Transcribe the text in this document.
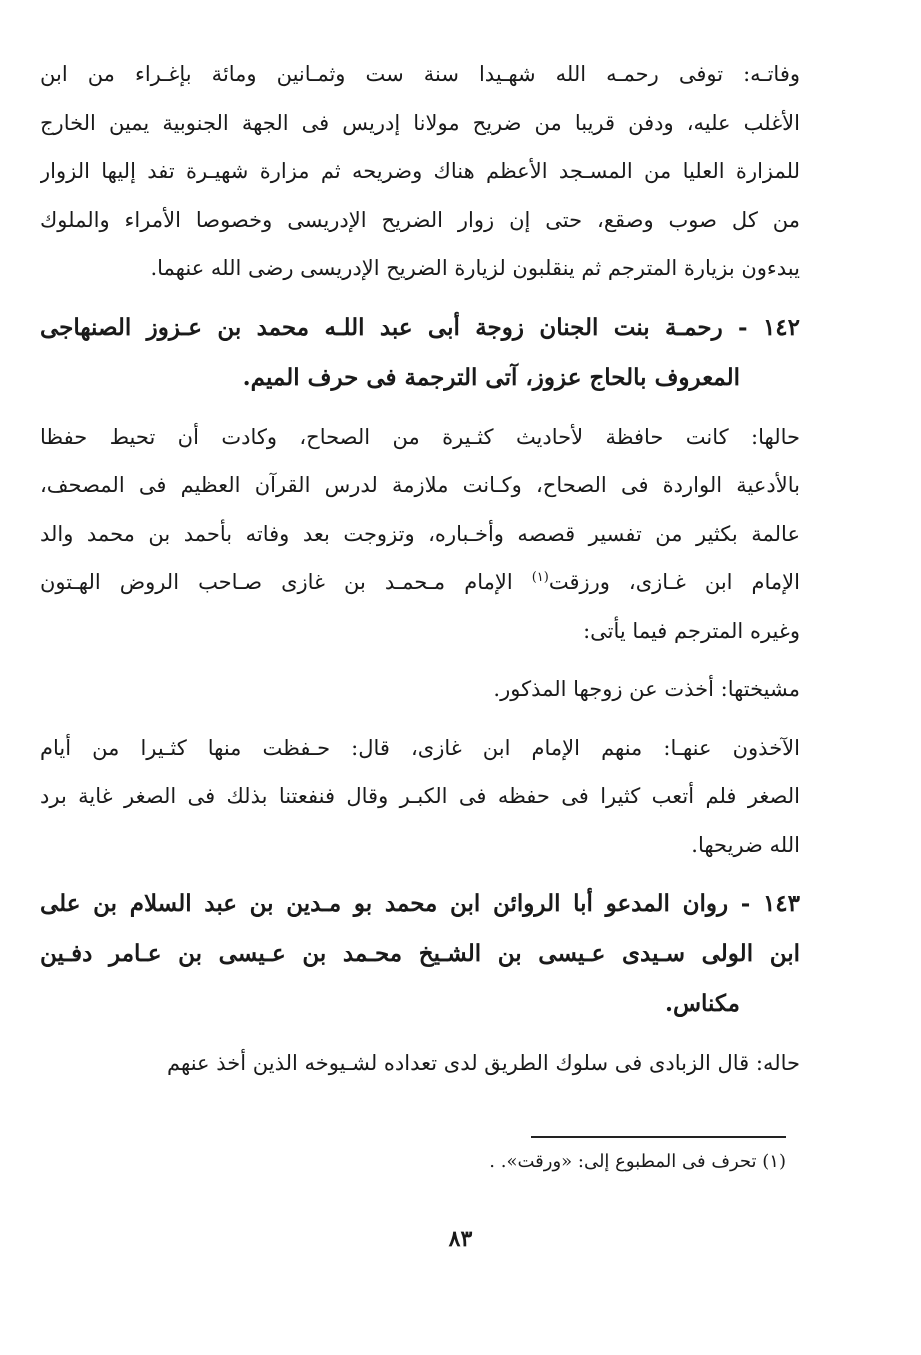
وفاتـه: توفى رحمـه الله شهـيدا سنة ست وثمـانين ومائة بإغـراء من ابن
الأغلب عليه، ودفن قريبا من ضريح مولانا إدريس فى الجهة الجنوبية يمين الخارج
للمزارة العليا من المسـجد الأعظم هناك وضريحه ثم مزارة شهيـرة تفد إليها الزوار
من كل صوب وصقع، حتى إن زوار الضريح الإدريسى وخصوصا الأمراء والملوك
يبدءون بزيارة المترجم ثم ينقلبون لزيارة الضريح الإدريسى رضى الله عنهما.
١٤٢ - رحمـة بنت الجنان زوجة أبى عبد اللـه محمد بن عـزوز الصنهاجى
المعروف بالحاج عزوز، آتى الترجمة فى حرف الميم.
حالها: كانت حافظة لأحاديث كثـيرة من الصحاح، وكادت أن تحيط حفظا
بالأدعية الواردة فى الصحاح، وكـانت ملازمة لدرس القرآن العظيم فى المصحف،
عالمة بكثير من تفسير قصصه وأخـباره، وتزوجت بعد وفاته بأحمد بن محمد والد
الإمام ابن غـازى، ورزقت$^{(١)}$ الإمام مـحمـد بن غازى صـاحب الروض الهـتون
وغيره المترجم فيما يأتى:
مشيختها: أخذت عن زوجها المذكور.
الآخذون عنهـا: منهم الإمام ابن غازى، قال: حـفظت منها كثـيرا من أيام
الصغر فلم أتعب كثيرا فى حفظه فى الكبـر وقال فنفعتنا بذلك فى الصغر غاية برد
الله ضريحها.
١٤٣ - روان المدعو أبا الروائن ابن محمد بو مـدين بن عبد السلام بن على
ابن الولى سـيدى عـيسى بن الشـيخ محـمد بن عـيسى بن عـامر دفـين
مكناس.
حاله: قال الزبادى فى سلوك الطريق لدى تعداده لشـيوخه الذين أخذ عنهم
(١) تحرف فى المطبوع إلى: «ورقت». .
٨٣
